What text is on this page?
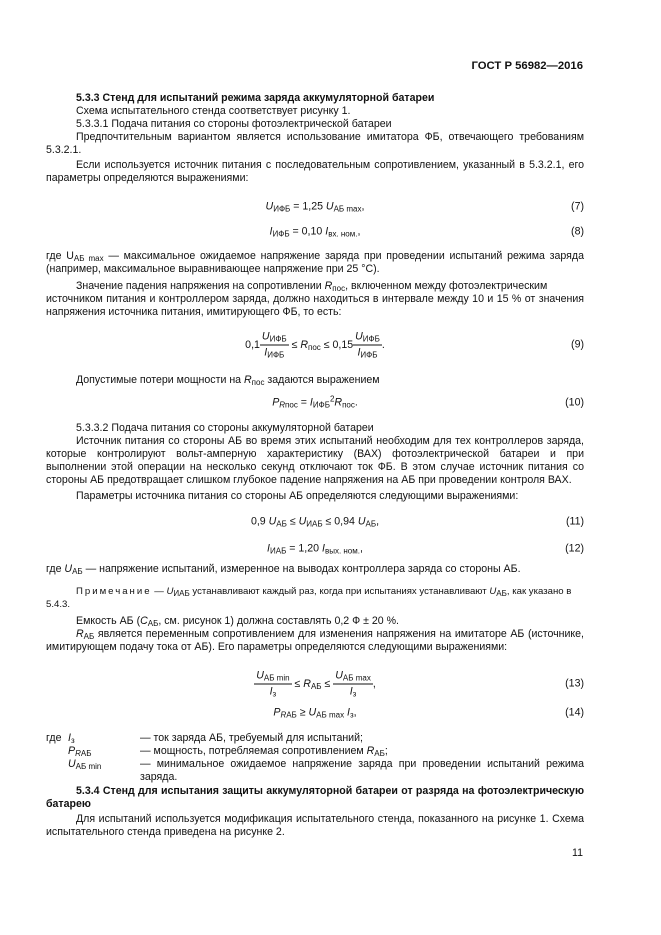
ГОСТ Р 56982—2016
5.3.3 Стенд для испытаний режима заряда аккумуляторной батареи
Схема испытательного стенда соответствует рисунку 1.
5.3.3.1 Подача питания со стороны фотоэлектрической батареи
Предпочтительным вариантом является использование имитатора ФБ, отвечающего требованиям 5.3.2.1.
Если используется источник питания с последовательным сопротивлением, указанный в 5.3.2.1, его параметры определяются выражениями:
$U_{ИФБ} = 1,25$ $U_{АБ max}$,	(7)
$I_{ИФБ} = 0,10$ $I_{вх. ном.}$,	(8)
где $U_{АБ max}$ — максимальное ожидаемое напряжение заряда при проведении испытаний режима заряда (например, максимальное выравнивающее напряжение при 25 °С).
Значение падения напряжения на сопротивлении $R_{пос}$, включенном между фотоэлектрическим
источником питания и контроллером заряда, должно находиться в интервале между 10 и 15 % от значения напряжения источника питания, имитирующего ФБ, то есть:
$0,1 \frac{U_{ИФБ}}{I_{ИФБ}} \le R_{пос} \le 0,15 \frac{U_{ИФБ}}{I_{ИФБ}}$ .	(9)
Допустимые потери мощности на $R_{пос}$ задаются выражением
$P_{Rпос} = I_{ИФБ}^2R_{пос}$.	(10)
5.3.3.2 Подача питания со стороны аккумуляторной батареи
Источник питания со стороны АБ во время этих испытаний необходим для тех контроллеров заряда, которые контролируют вольт-амперную характеристику (ВАХ) фотоэлектрической батареи и при выполнении этой операции на несколько секунд отключают ток ФБ. В этом случае источник питания со стороны АБ предотвращает слишком глубокое падение напряжения на АБ при проведении контроля ВАХ.
Параметры источника питания со стороны АБ определяются следующими выражениями:
0,9 $U_{АБ} \le U_{ИАБ} \le 0,94$ $U_{АБ}$,	(11)
$I_{ИАБ} = 1,20$ $I_{вых. ном.}$,	(12)
где $U_{АБ}$ — напряжение испытаний, измеренное на выводах контроллера заряда со стороны АБ.
Примечание — $U_{ИАБ}$ устанавливают каждый раз, когда при испытаниях устанавливают $U_{АБ}$, как указано в 5.4.3.
Емкость АБ ($С_{АБ}$, см. рисунок 1) должна составлять 0,2 Ф ± 20 %.
$R_{АБ}$ является переменным сопротивлением для изменения напряжения на имитаторе АБ (источнике, имитирующем подачу тока от АБ). Его параметры определяются следующими выражениями:
$\frac{U_{АБ min}}{I_з} \le R_{АБ} \le \frac{U_{АБ max}}{I_з}$ ,	(13)
$P_{RАБ} \ge U_{АБ max}$ $I_з$,	(14)
где $I_з$	— ток заряда АБ, требуемый для испытаний;
$P_{RАБ}$	— мощность, потребляемая сопротивлением $R_{АБ}$;
$U_{АБ min}$	— минимальное ожидаемое напряжение заряда при проведении испытаний режима заряда.
5.3.4 Стенд для испытания защиты аккумуляторной батареи от разряда на фотоэлектрическую батарею
Для испытаний используется модификация испытательного стенда, показанного на рисунке 1. Схема испытательного стенда приведена на рисунке 2.
11
